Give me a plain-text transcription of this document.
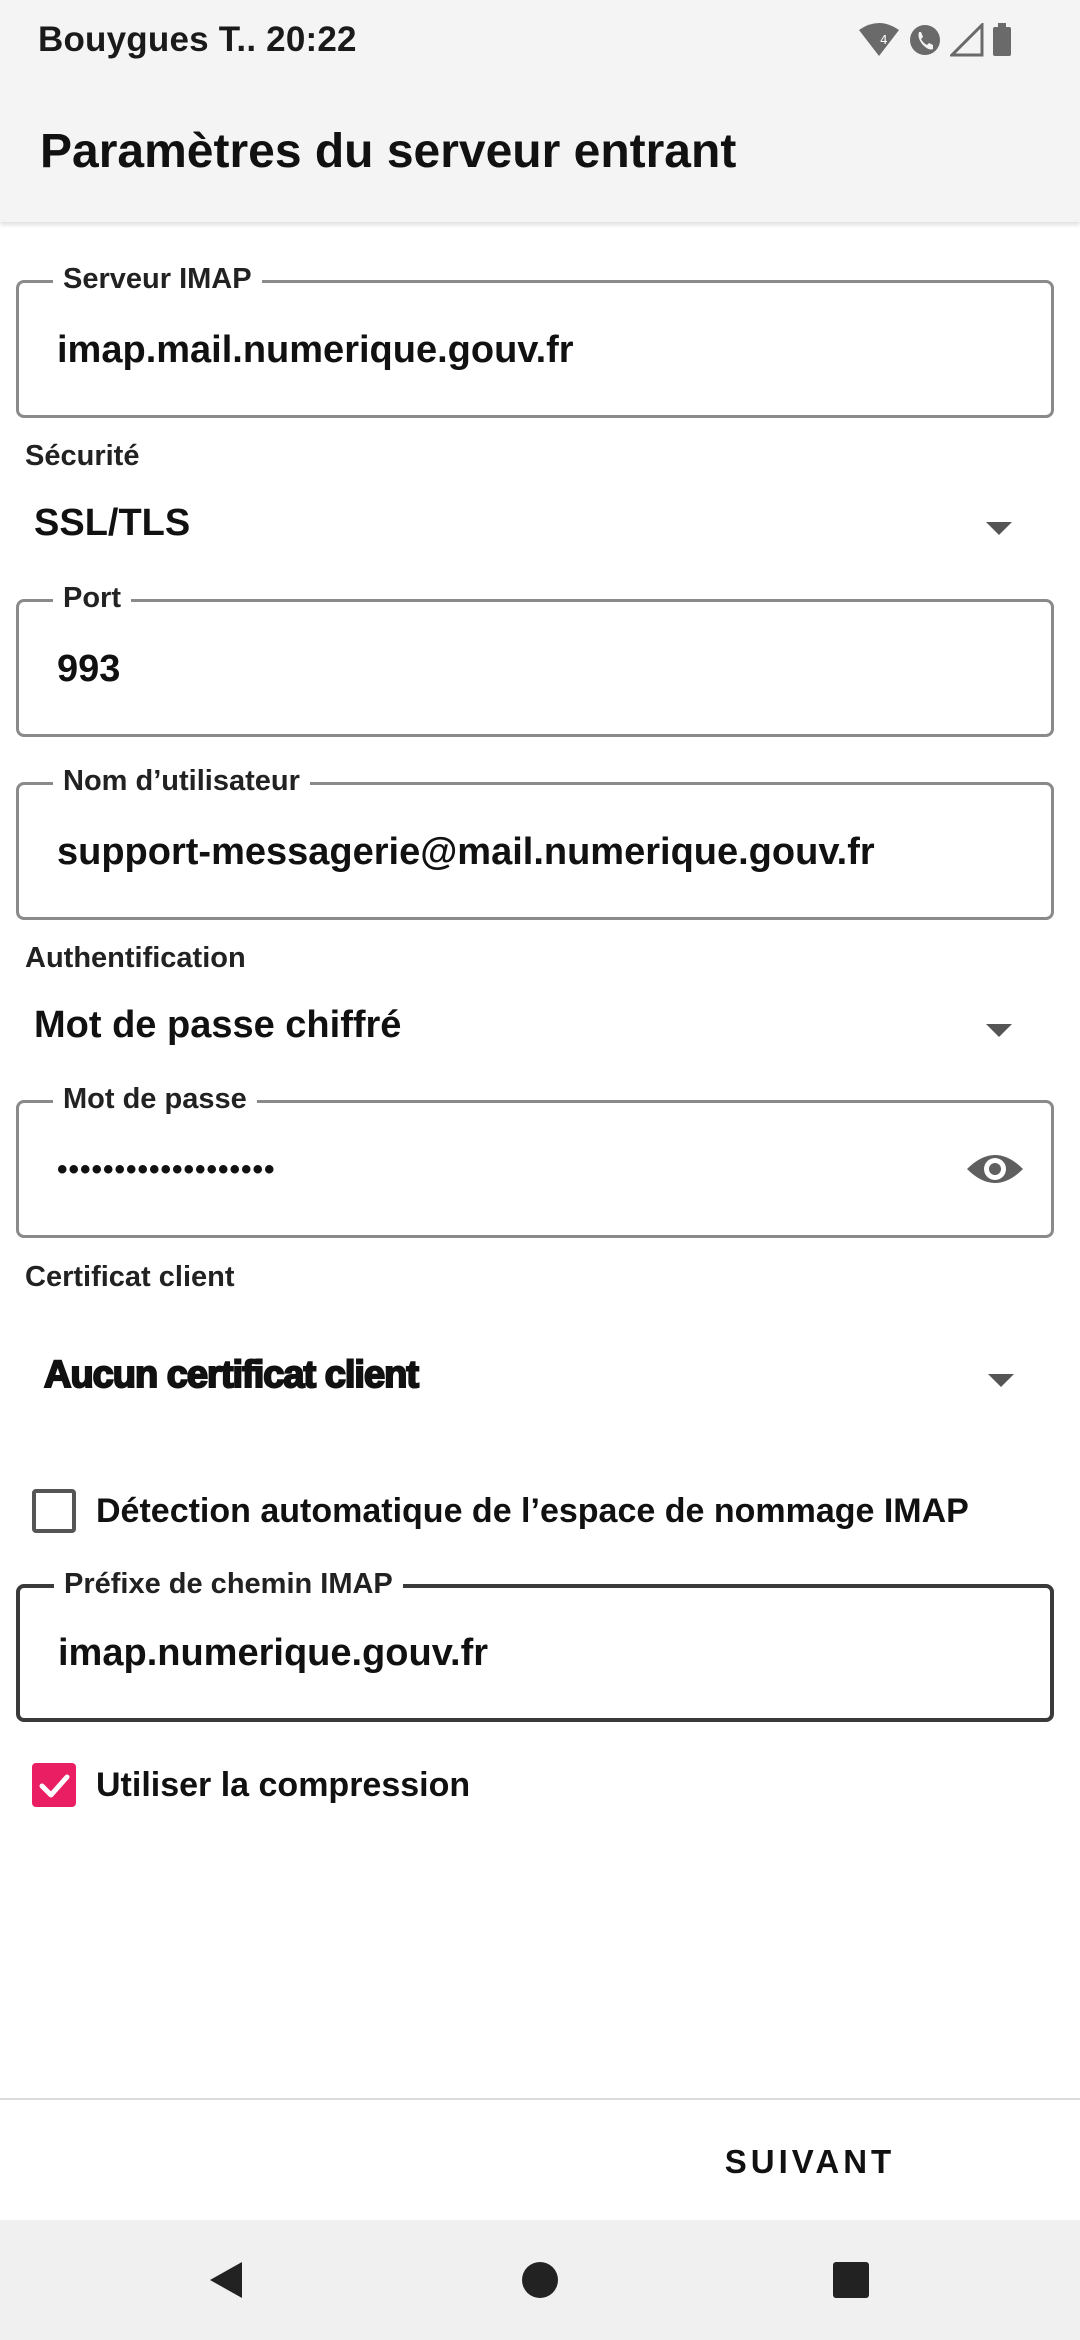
Bouygues T.. 20:22	4
Paramètres du serveur entrant
Serveur IMAP
imap.mail.numerique.gouv.fr
Sécurité
SSL/TLS
Port
993
Nom d’utilisateur
support-messagerie@mail.numerique.gouv.fr
Authentification
Mot de passe chiffré
Mot de passe
•••••••••••••••••••
Certificat client
Aucun certificat client
Détection automatique de l’espace de nommage IMAP
Préfixe de chemin IMAP
imap.numerique.gouv.fr
Utiliser la compression
SUIVANT
